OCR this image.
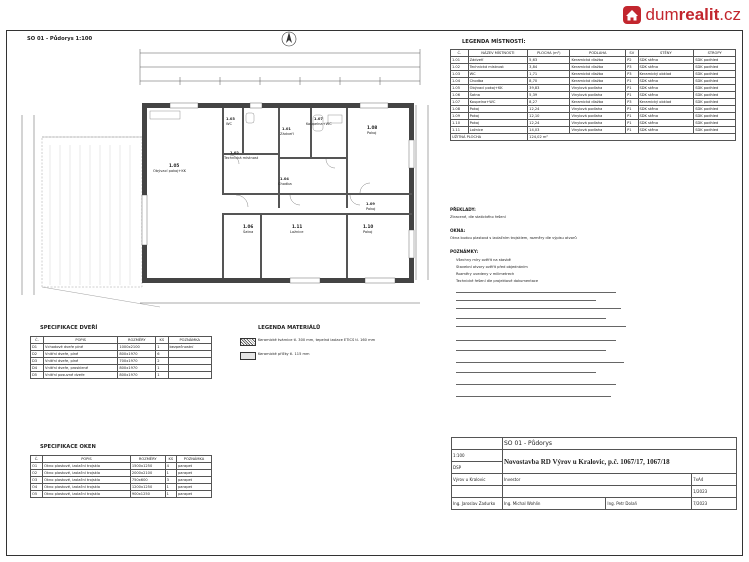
dumrealit.cz
SO 01 - Půdorys 1:100
1.05
Obývací pokoj+KK
1.03
WC
1.02
Technická místnost
1.01
Zádveří
1.07
Koupelna+WC
1.08
Pokoj
1.04
Chodba
1.06
Šatna
1.11
Ložnice
1.10
Pokoj
1.09
Pokoj
LEGENDA MÍSTNOSTÍ:
Č.	NÁZEV MÍSTNOSTI	PLOCHA (m²)	PODLAHA	SV	STĚNY	STROPY
1.01	Zádveří	5,63	Keramická dlažba	P2	SDK stěna	SDK podhled
1.02	Technická místnost	3,84	Keramická dlažba	P3	SDK stěna	SDK podhled
1.03	WC	1,71	Keramická dlažba	P3	Keramický obklad	SDK podhled
1.04	Chodba	8,70	Keramická dlažba	P1	SDK stěna	SDK podhled
1.05	Obývací pokoj+KK	39,83	Vinylová podlaha	P1	SDK stěna	SDK podhled
1.06	Šatna	5,39	Vinylová podlaha	P1	SDK stěna	SDK podhled
1.07	Koupelna+WC	8,27	Keramická dlažba	P3	Keramický obklad	SDK podhled
1.08	Pokoj	12,24	Vinylová podlaha	P1	SDK stěna	SDK podhled
1.09	Pokoj	12,10	Vinylová podlaha	P1	SDK stěna	SDK podhled
1.10	Pokoj	12,24	Vinylová podlaha	P1	SDK stěna	SDK podhled
1.11	Ložnice	14,03	Vinylová podlaha	P1	SDK stěna	SDK podhled
UŽITNÁ PLOCHA		124,02 m²				
PŘEKLADY:
Ztracené, dle statického řešení
OKNA:
Okna budou plastová s izolačním trojsklem, rozměry dle výpisu otvorů
POZNÁMKY:
Všechny míry ověřit na stavbě
Stavební otvory ověřit před objednáním
Rozměry uvedeny v milimetrech
Technické řešení dle projektové dokumentace
SPECIFIKACE DVEŘÍ
Č.	POPIS	ROZMĚRY	KS	POZNÁMKA
D1	Vchodové dveře plné	1000x2100	1	bezpečnostní
D2	Vnitřní dveře, plné	800x1970	6	
D3	Vnitřní dveře, plné	700x1970	2	
D4	Vnitřní dveře, prosklené	800x1970	1	
D5	Vnitřní posuvné dveře	800x1970	1	
SPECIFIKACE OKEN
Č.	POPIS	ROZMĚRY	KS	POZNÁMKA
O1	Okno plastové, izolační trojsklo	1500x1250	4	parapet
O2	Okno plastové, izolační trojsklo	2000x2100	1	parapet
O3	Okno plastové, izolační trojsklo	750x600	3	parapet
O4	Okno plastové, izolační trojsklo	1200x1250	1	parapet
O5	Okno plastové, izolační trojsklo	900x1250	1	parapet
LEGENDA MATERIÁLŮ
Keramické tvárnice tl. 300 mm, tepelná izolace ETICS tl. 160 mm
Keramické příčky tl. 115 mm
	SO 01 - Půdorys		
1:100	Novostavba RD Výrov u Kralovic, p.č. 1067/17, 1067/18		
DSP			
Výrov u Kralovic	Investor		7xA4
			1/2023
Ing. Jaroslav Zadurko	Ing. Michal Wohlin	Ing. Petr Dolaň	7/2023
